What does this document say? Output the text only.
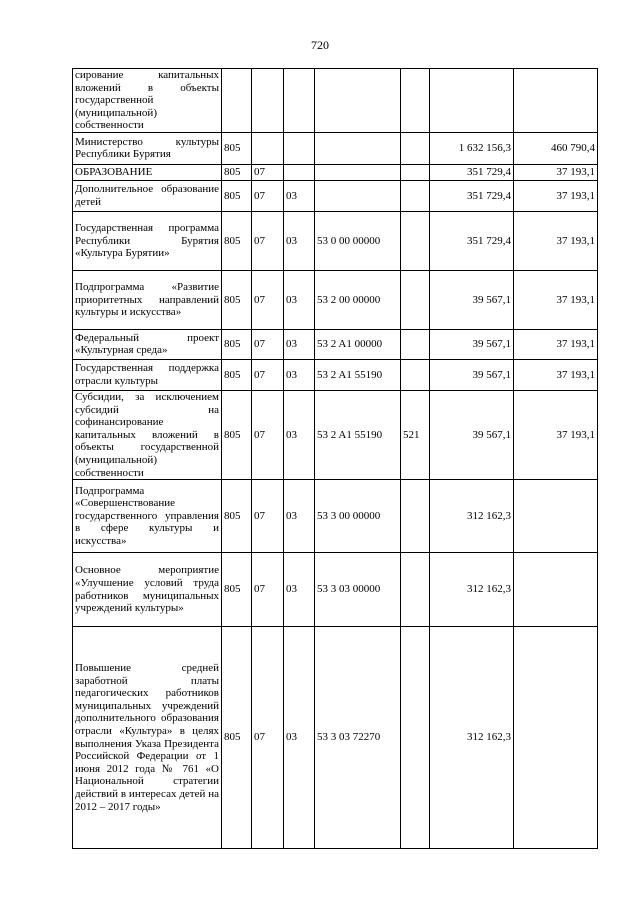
720
сирование капитальных вложений в объекты государственной (муниципальной) собственности							
Министерство культуры Республики Бурятия	805					1 632 156,3	460 790,4
ОБРАЗОВАНИЕ	805	07				351 729,4	37 193,1
Дополнительное образование детей	805	07	03			351 729,4	37 193,1
Государственная программа Республики Бурятия «Культура Бурятии»	805	07	03	53 0 00 00000		351 729,4	37 193,1
Подпрограмма «Развитие приоритетных направлений культуры и искусства»	805	07	03	53 2 00 00000		39 567,1	37 193,1
Федеральный проект «Культурная среда»	805	07	03	53 2 A1 00000		39 567,1	37 193,1
Государственная поддержка отрасли культуры	805	07	03	53 2 A1 55190		39 567,1	37 193,1
Субсидии, за исключением субсидий на софинансирование капитальных вложений в объекты государственной (муниципальной) собственности	805	07	03	53 2 A1 55190	521	39 567,1	37 193,1
Подпрограмма «Совершенствование государственного управления в сфере культуры и искусства»	805	07	03	53 3 00 00000		312 162,3	
Основное мероприятие «Улучшение условий труда работников муниципальных учреждений культуры»	805	07	03	53 3 03 00000		312 162,3	
Повышение средней заработной платы педагогических работников муниципальных учреждений дополнительного образования отрасли «Культура» в целях выполнения Указа Президента Российской Федерации от 1 июня 2012 года № 761 «О Национальной стратегии действий в интересах детей на 2012 – 2017 годы»	805	07	03	53 3 03 72270		312 162,3	
